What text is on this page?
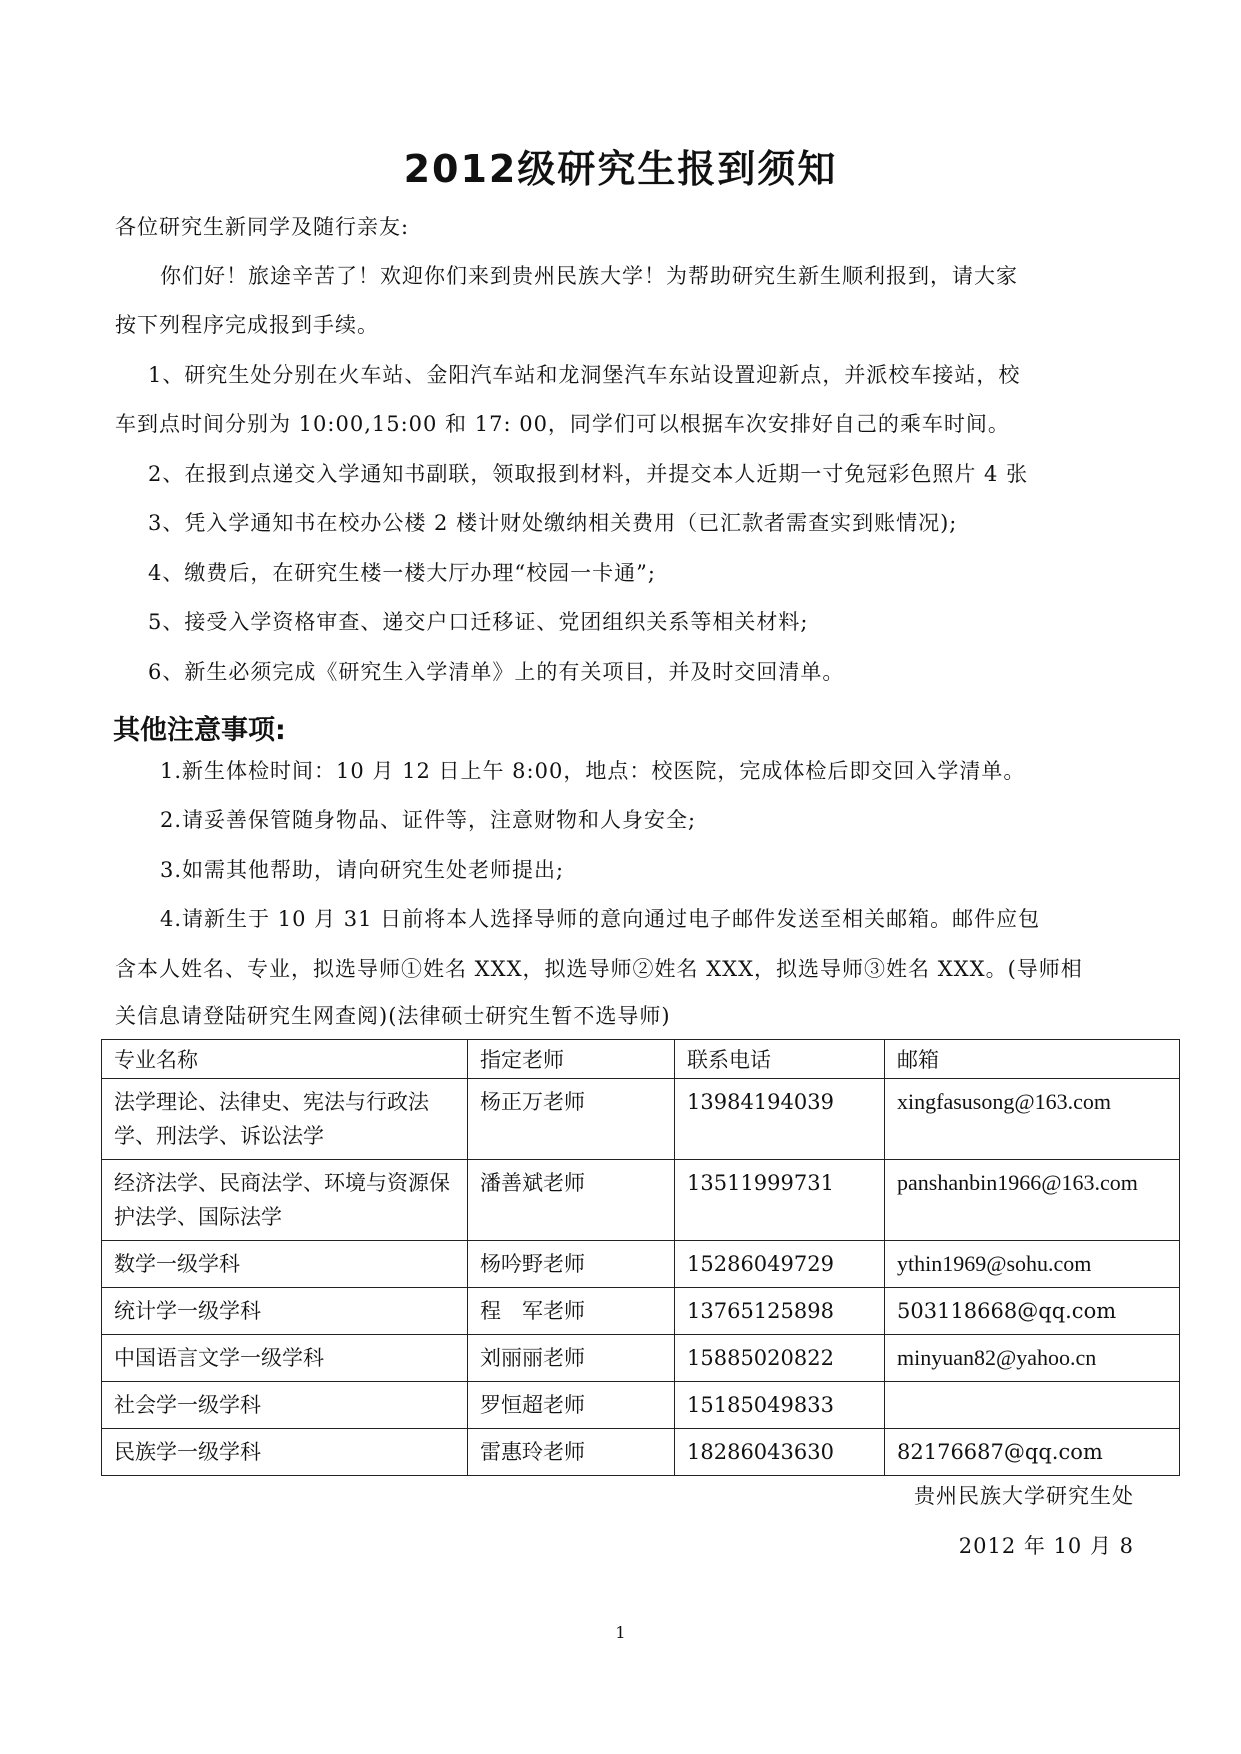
2012级研究生报到须知
各位研究生新同学及随行亲友:
你们好！旅途辛苦了！欢迎你们来到贵州民族大学！为帮助研究生新生顺利报到，请大家
按下列程序完成报到手续。
1、研究生处分别在火车站、金阳汽车站和龙洞堡汽车东站设置迎新点，并派校车接站，校
车到点时间分别为 10:00,15:00 和 17: 00，同学们可以根据车次安排好自己的乘车时间。
2、在报到点递交入学通知书副联，领取报到材料，并提交本人近期一寸免冠彩色照片 4 张
3、凭入学通知书在校办公楼 2 楼计财处缴纳相关费用（已汇款者需查实到账情况);
4、缴费后，在研究生楼一楼大厅办理“校园一卡通”;
5、接受入学资格审查、递交户口迁移证、党团组织关系等相关材料;
6、新生必须完成《研究生入学清单》上的有关项目，并及时交回清单。
其他注意事项:
1.新生体检时间：10 月 12 日上午 8:00，地点：校医院，完成体检后即交回入学清单。
2.请妥善保管随身物品、证件等，注意财物和人身安全;
3.如需其他帮助，请向研究生处老师提出;
4.请新生于 10 月 31 日前将本人选择导师的意向通过电子邮件发送至相关邮箱。邮件应包
含本人姓名、专业，拟选导师①姓名 XXX，拟选导师②姓名 XXX，拟选导师③姓名 XXX。(导师相
关信息请登陆研究生网查阅)(法律硕士研究生暂不选导师)
专业名称	指定老师	联系电话	邮箱
法学理论、法律史、宪法与行政法学、刑法学、诉讼法学	杨正万老师	13984194039	xingfasusong@163.com
经济法学、民商法学、环境与资源保护法学、国际法学	潘善斌老师	13511999731	panshanbin1966@163.com
数学一级学科	杨吟野老师	15286049729	ythin1969@sohu.com
统计学一级学科	程　军老师	13765125898	503118668@qq.com
中国语言文学一级学科	刘丽丽老师	15885020822	minyuan82@yahoo.cn
社会学一级学科	罗恒超老师	15185049833	
民族学一级学科	雷惠玲老师	18286043630	82176687@qq.com
贵州民族大学研究生处
2012 年 10 月 8
1
